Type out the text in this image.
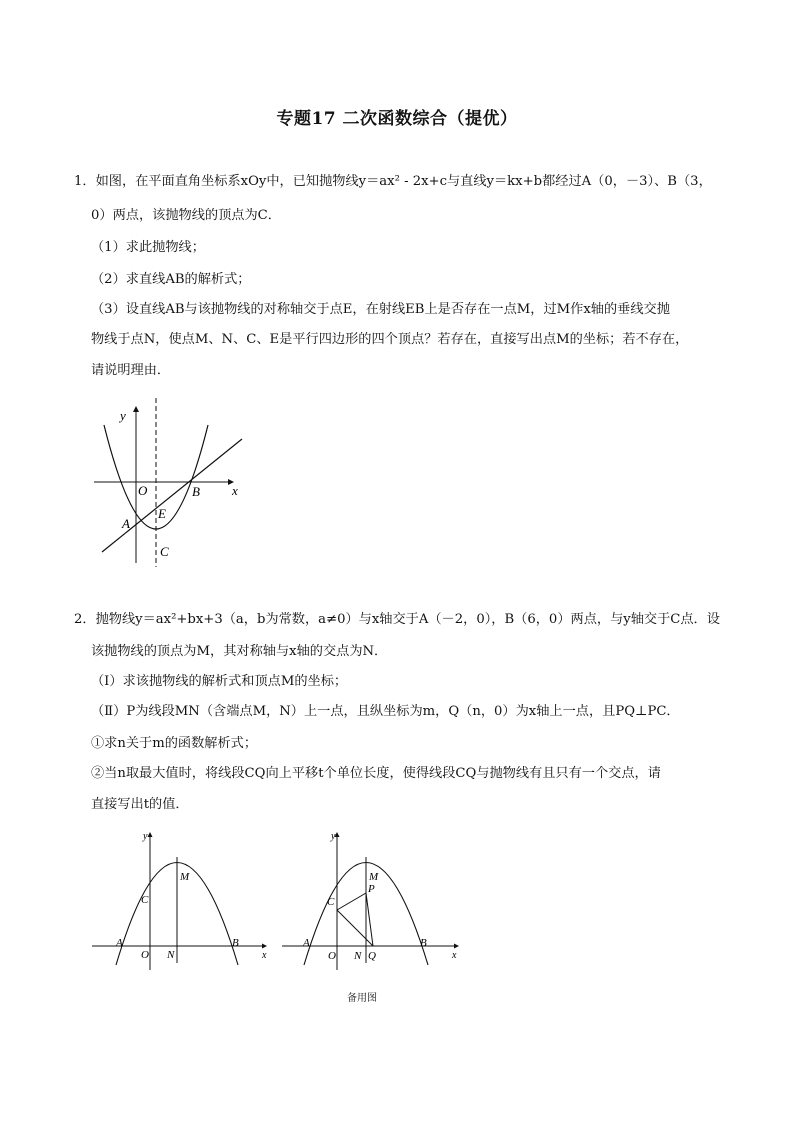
专题17 二次函数综合（提优）
1．如图，在平面直角坐标系xOy中，已知抛物线y＝ax² - 2x+c与直线y＝kx+b都经过A（0，－3）、B（3，
0）两点，该抛物线的顶点为C．
（1）求此抛物线；
（2）求直线AB的解析式；
（3）设直线AB与该抛物线的对称轴交于点E，在射线EB上是否存在一点M，过M作x轴的垂线交抛
物线于点N，使点M、N、C、E是平行四边形的四个顶点？若存在，直接写出点M的坐标；若不存在，
请说明理由．
y
x
O	B
A
E
C
2．抛物线y＝ax²+bx+3（a，b为常数，a≠0）与x轴交于A（－2，0），B（6，0）两点，与y轴交于C点．设
该抛物线的顶点为M，其对称轴与x轴的交点为N．
（Ⅰ）求该抛物线的解析式和顶点M的坐标；
（Ⅱ）P为线段MN（含端点M，N）上一点，且纵坐标为m，Q（n，0）为x轴上一点，且PQ⊥PC．
①求n关于m的函数解析式；
②当n取最大值时，将线段CQ向上平移t个单位长度，使得线段CQ与抛物线有且只有一个交点，请
直接写出t的值．
y
x
M
C
A	B
O N
y
x
M
P
C
A	B
O N Q
备用图
